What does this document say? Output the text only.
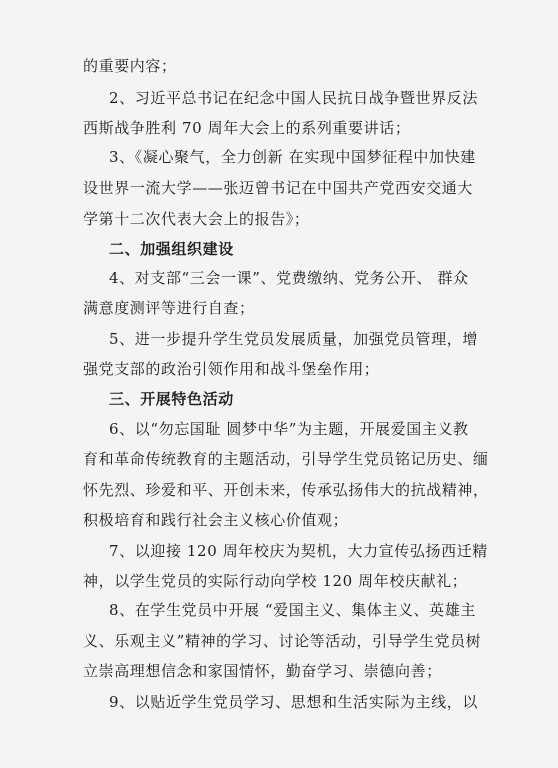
的重要内容；
2、习近平总书记在纪念中国人民抗日战争暨世界反法
西斯战争胜利 70 周年大会上的系列重要讲话；
3、《凝心聚气，全力创新 在实现中国梦征程中加快建
设世界一流大学——张迈曾书记在中国共产党西安交通大
学第十二次代表大会上的报告》；
二、加强组织建设
4、对支部“三会一课”、党费缴纳、党务公开、 群众
满意度测评等进行自查；
5、进一步提升学生党员发展质量，加强党员管理，增
强党支部的政治引领作用和战斗堡垒作用；
三、开展特色活动
6、以“勿忘国耻 圆梦中华”为主题，开展爱国主义教
育和革命传统教育的主题活动，引导学生党员铭记历史、缅
怀先烈、珍爱和平、开创未来，传承弘扬伟大的抗战精神，
积极培育和践行社会主义核心价值观；
7、以迎接 120 周年校庆为契机，大力宣传弘扬西迁精
神，以学生党员的实际行动向学校 120 周年校庆献礼；
8、在学生党员中开展 “爱国主义、集体主义、英雄主
义、乐观主义”精神的学习、讨论等活动，引导学生党员树
立崇高理想信念和家国情怀，勤奋学习、崇德向善；
9、以贴近学生党员学习、思想和生活实际为主线，以
